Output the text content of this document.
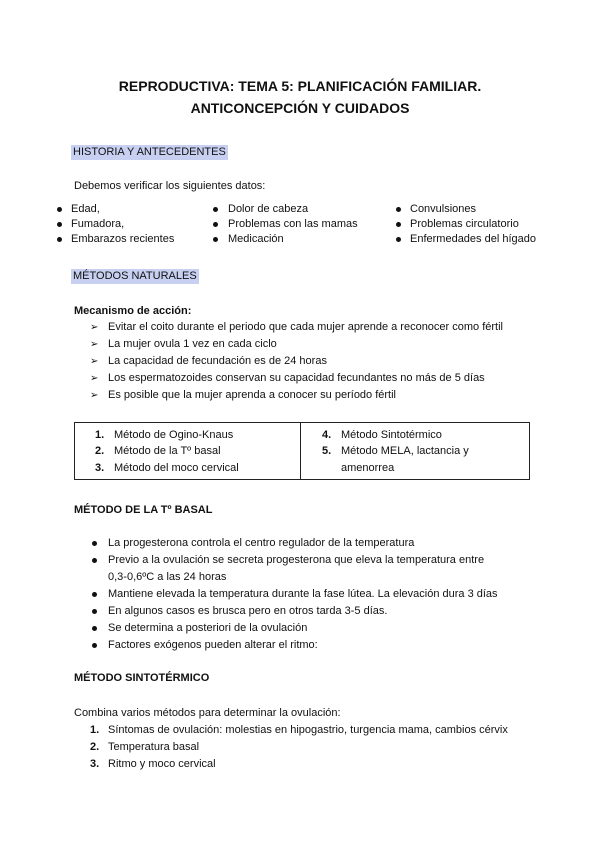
REPRODUCTIVA: TEMA 5: PLANIFICACIÓN FAMILIAR.
ANTICONCEPCIÓN Y CUIDADOS
HISTORIA Y ANTECEDENTES
Debemos verificar los siguientes datos:
Edad,
Fumadora,
Embarazos recientes
Dolor de cabeza
Problemas con las mamas
Medicación
Convulsiones
Problemas circulatorio
Enfermedades del hígado
MÉTODOS NATURALES
Mecanismo de acción:
➢ Evitar el coito durante el periodo que cada mujer aprende a reconocer como fértil
➢ La mujer ovula 1 vez en cada ciclo
➢ La capacidad de fecundación es de 24 horas
➢ Los espermatozoides conservan su capacidad fecundantes no más de 5 días
➢ Es posible que la mujer aprenda a conocer su período fértil
1. Método de Ogino-Knaus
2. Método de la Tº basal
3. Método del moco cervical
4. Método Sintotérmico
5. Método MELA, lactancia y
amenorrea
MÉTODO DE LA Tº BASAL
La progesterona controla el centro regulador de la temperatura
Previo a la ovulación se secreta progesterona que eleva la temperatura entre
0,3-0,6ºC a las 24 horas
Mantiene elevada la temperatura durante la fase lútea. La elevación dura 3 días
En algunos casos es brusca pero en otros tarda 3-5 días.
Se determina a posteriori de la ovulación
Factores exógenos pueden alterar el ritmo:
MÉTODO SINTOTÉRMICO
Combina varios métodos para determinar la ovulación:
1. Síntomas de ovulación: molestias en hipogastrio, turgencia mama, cambios cérvix
2. Temperatura basal
3. Ritmo y moco cervical
